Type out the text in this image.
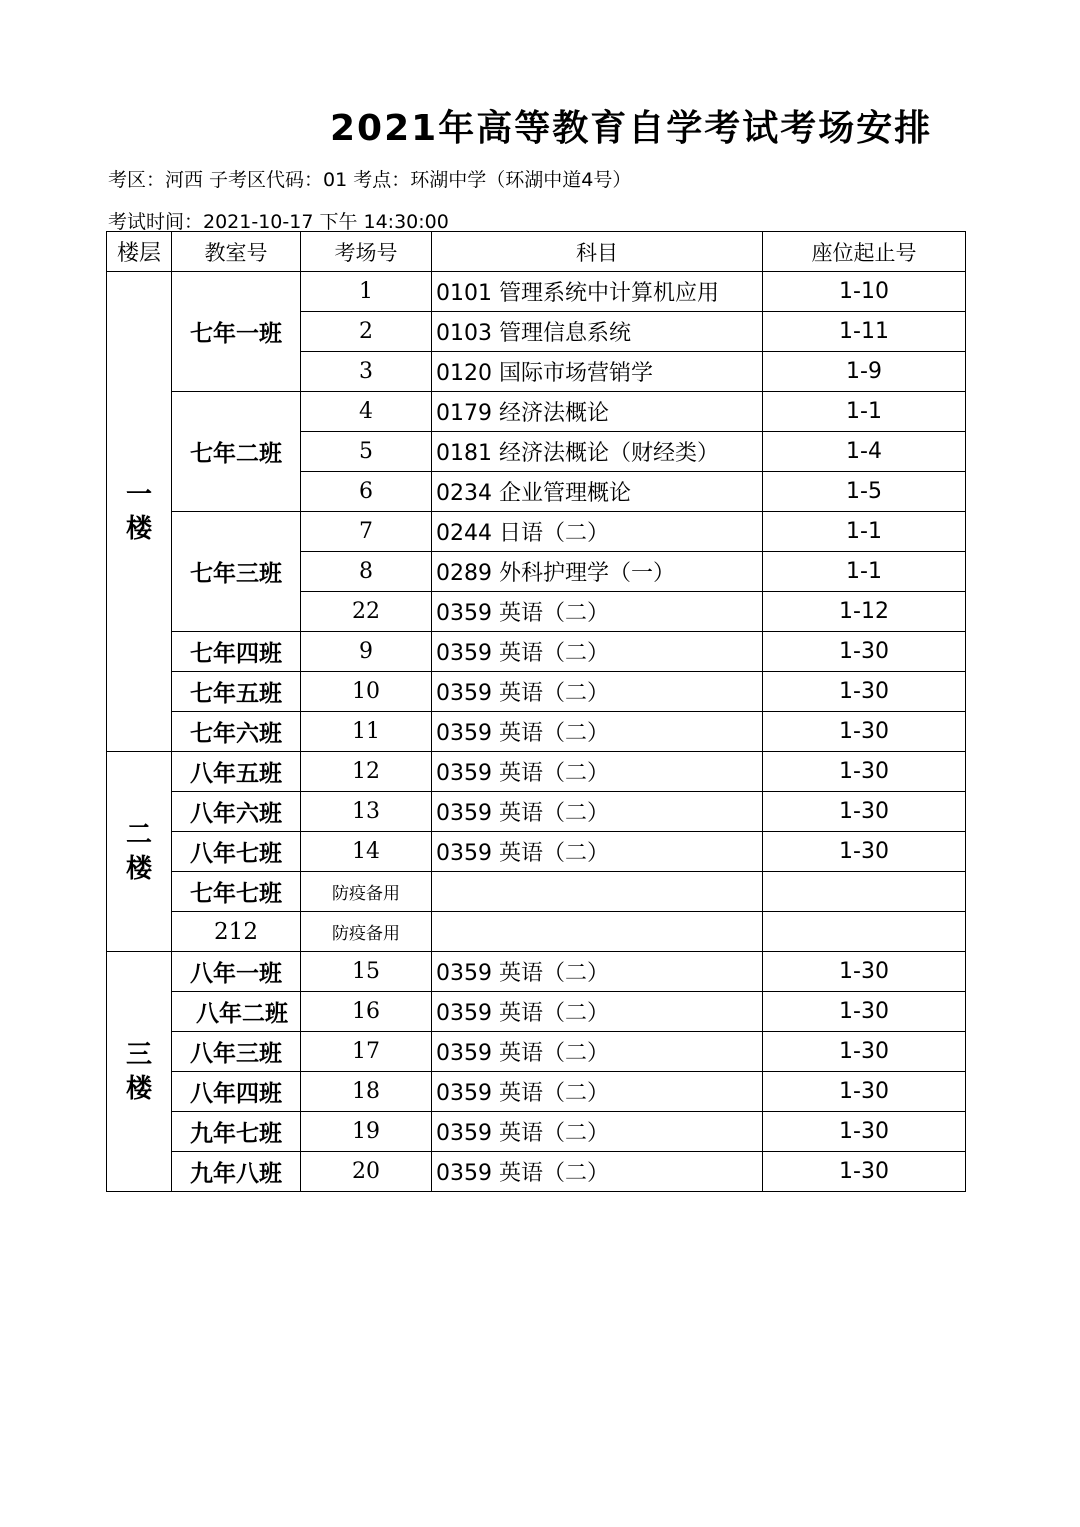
2021年高等教育自学考试考场安排
考区：河西 子考区代码：01 考点：环湖中学（环湖中道4号）
考试时间：2021-10-17 下午 14:30:00
楼层	教室号	考场号	科目	座位起止号
一楼	七年一班	1	0101 管理系统中计算机应用	1-10
		2	0103 管理信息系统	1-11
		3	0120 国际市场营销学	1-9
	七年二班	4	0179 经济法概论	1-1
		5	0181 经济法概论（财经类）	1-4
		6	0234 企业管理概论	1-5
	七年三班	7	0244 日语（二）	1-1
		8	0289 外科护理学（一）	1-1
		22	0359 英语（二）	1-12
	七年四班	9	0359 英语（二）	1-30
	七年五班	10	0359 英语（二）	1-30
	七年六班	11	0359 英语（二）	1-30
二楼	八年五班	12	0359 英语（二）	1-30
	八年六班	13	0359 英语（二）	1-30
	八年七班	14	0359 英语（二）	1-30
	七年七班	防疫备用		
	212	防疫备用		
三楼	八年一班	15	0359 英语（二）	1-30
	八年二班	16	0359 英语（二）	1-30
	八年三班	17	0359 英语（二）	1-30
	八年四班	18	0359 英语（二）	1-30
	九年七班	19	0359 英语（二）	1-30
	九年八班	20	0359 英语（二）	1-30
